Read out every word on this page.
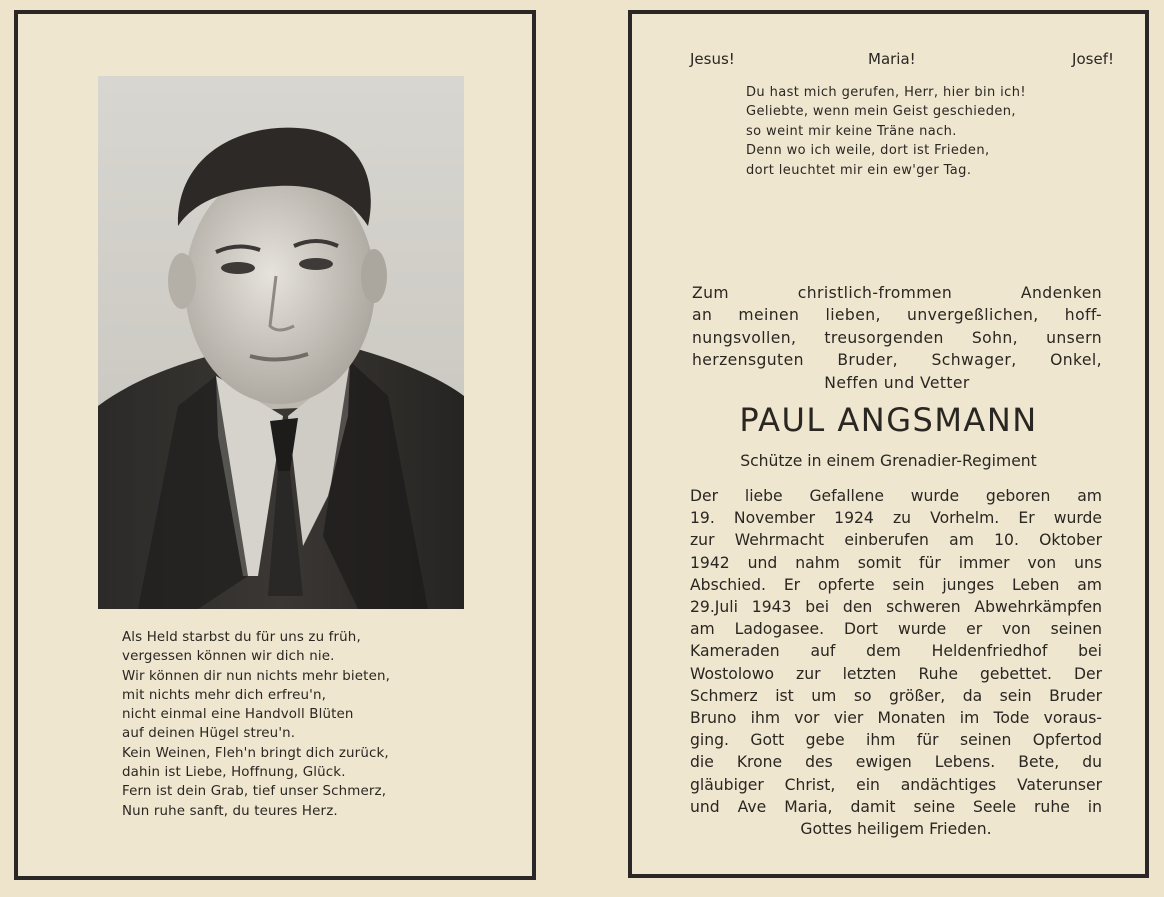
Als Held starbst du für uns zu früh,
vergessen können wir dich nie.
Wir können dir nun nichts mehr bieten,
mit nichts mehr dich erfreu'n,
nicht einmal eine Handvoll Blüten
auf deinen Hügel streu'n.
Kein Weinen, Fleh'n bringt dich zurück,
dahin ist Liebe, Hoffnung, Glück.
Fern ist dein Grab, tief unser Schmerz,
Nun ruhe sanft, du teures Herz.
Jesus!	Maria!	Josef!
Du hast mich gerufen, Herr, hier bin ich!
Geliebte, wenn mein Geist geschieden,
so weint mir keine Träne nach.
Denn wo ich weile, dort ist Frieden,
dort leuchtet mir ein ew'ger Tag.
Zum christlich-frommen Andenken
an meinen lieben, unvergeßlichen, hoff-
nungsvollen, treusorgenden Sohn, unsern
herzensguten Bruder, Schwager, Onkel,
Neffen und Vetter
PAUL ANGSMANN
Schütze in einem Grenadier-Regiment
Der liebe Gefallene wurde geboren am
19. November 1924 zu Vorhelm. Er wurde
zur Wehrmacht einberufen am 10. Oktober
1942 und nahm somit für immer von uns
Abschied. Er opferte sein junges Leben am
29.Juli 1943 bei den schweren Abwehrkämpfen
am Ladogasee. Dort wurde er von seinen
Kameraden auf dem Heldenfriedhof bei
Wostolowo zur letzten Ruhe gebettet. Der
Schmerz ist um so größer, da sein Bruder
Bruno ihm vor vier Monaten im Tode voraus-
ging. Gott gebe ihm für seinen Opfertod
die Krone des ewigen Lebens. Bete, du
gläubiger Christ, ein andächtiges Vaterunser
und Ave Maria, damit seine Seele ruhe in
Gottes heiligem Frieden.
